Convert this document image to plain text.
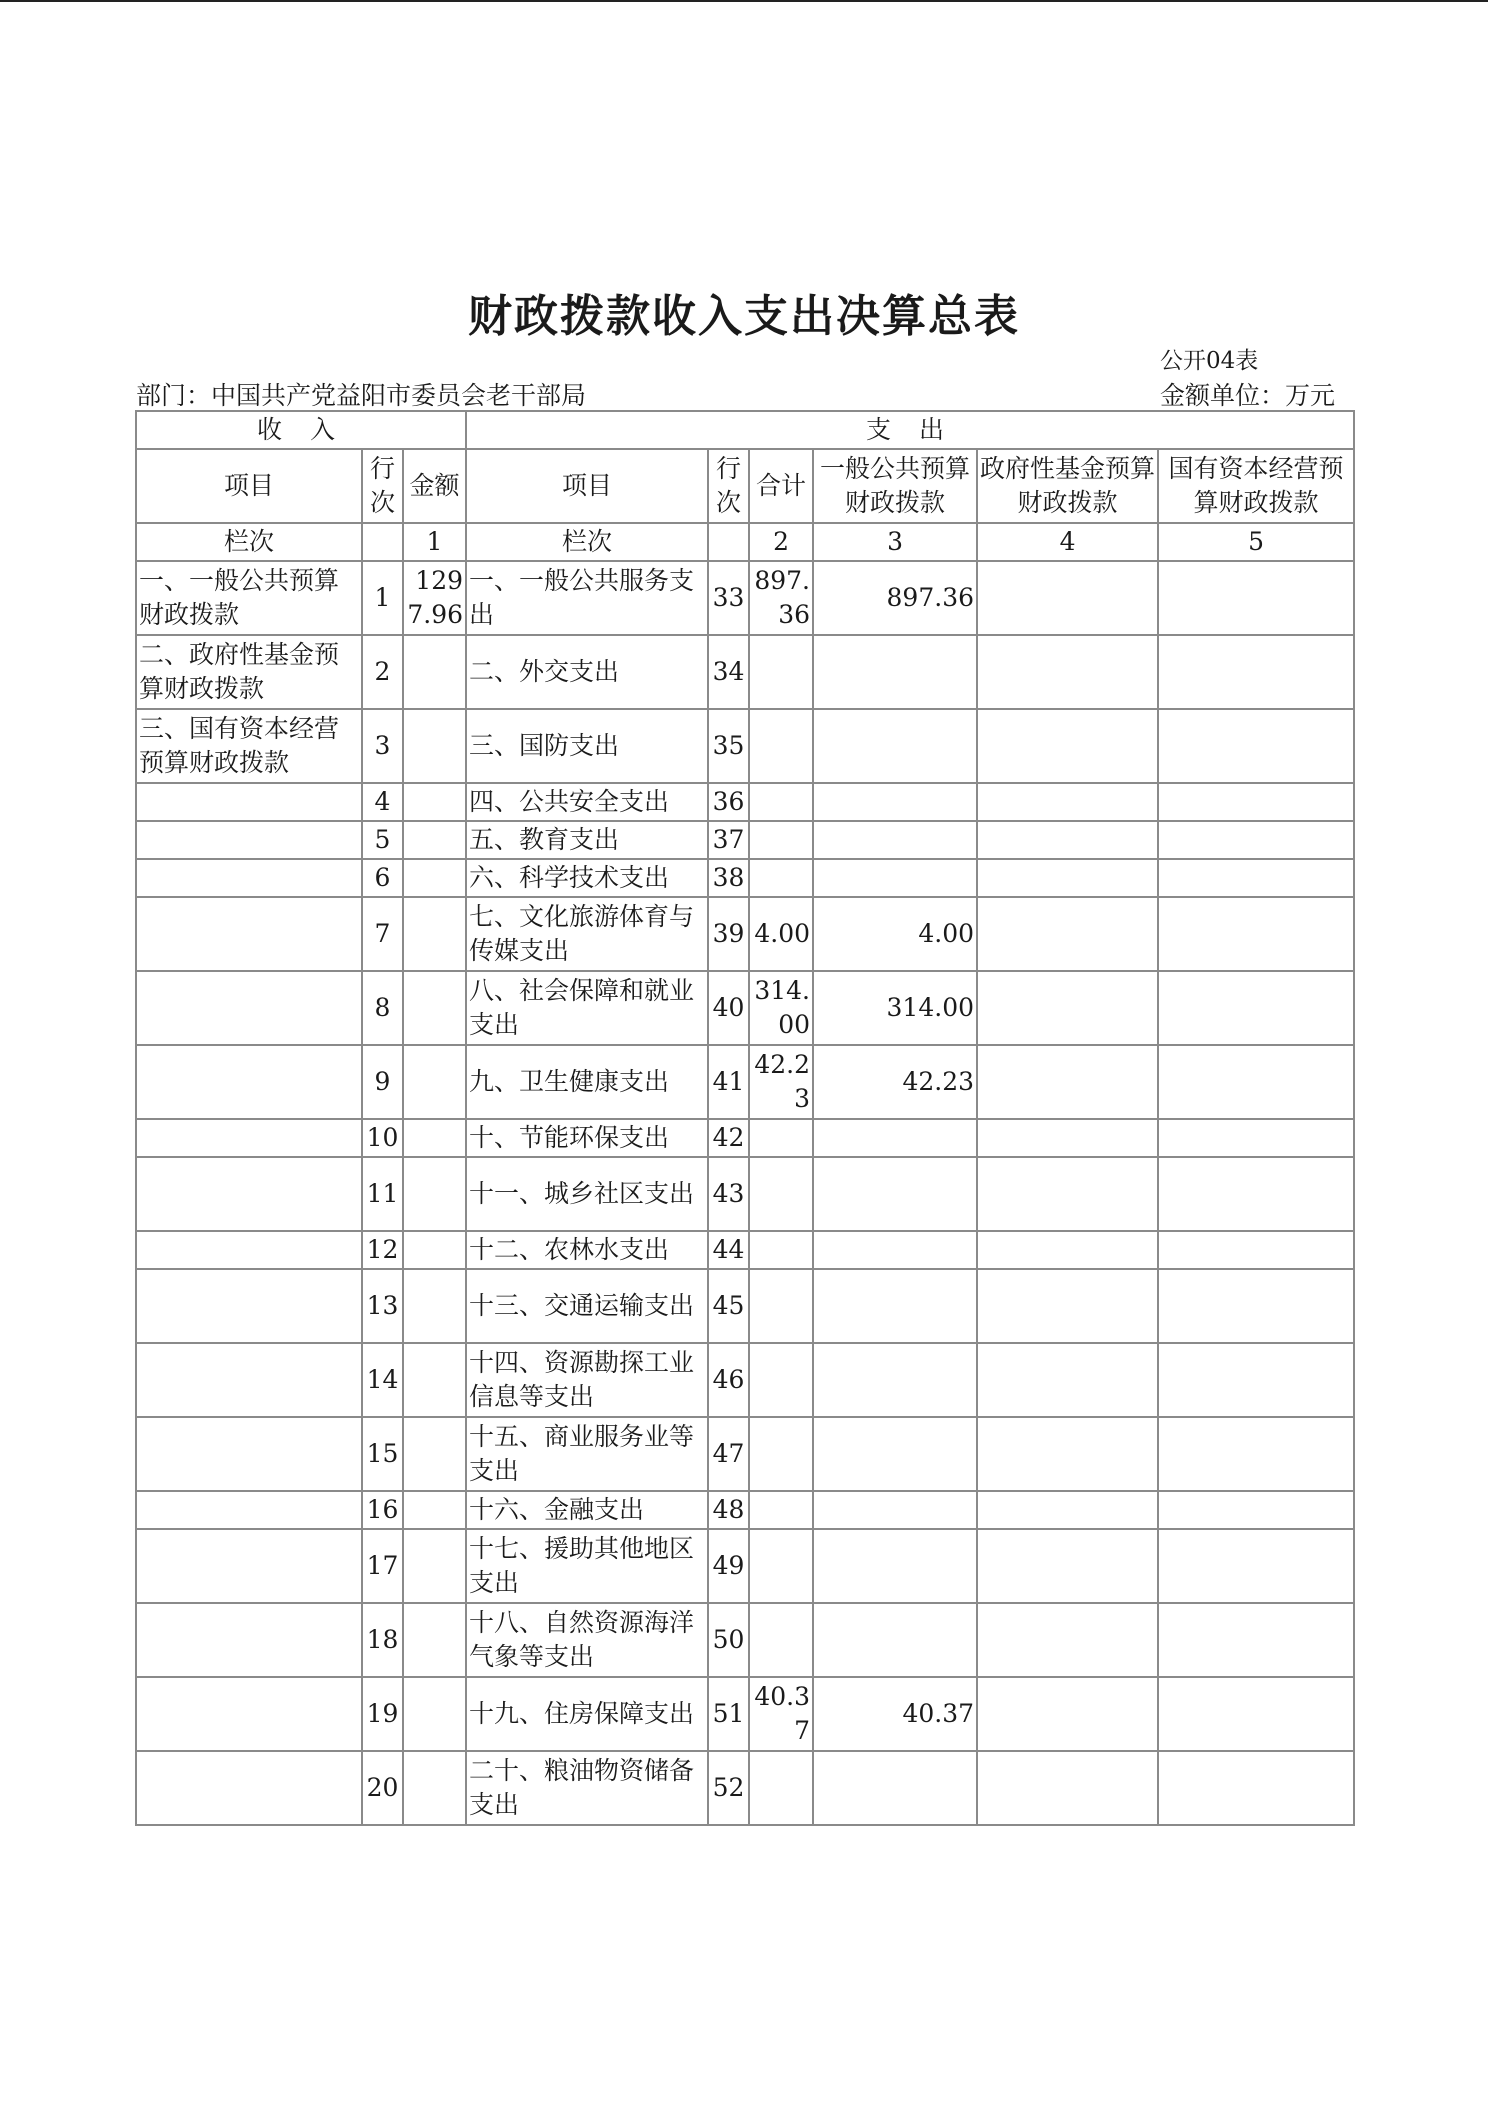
财政拨款收入支出决算总表
公开04表
部门：中国共产党益阳市委员会老干部局	金额单位：万元
收 入			支 出					
项目	行次	金额	项目	行次	合计	一般公共预算财政拨款	政府性基金预算财政拨款	国有资本经营预算财政拨款
栏次		1	栏次		2	3	4	5
一、一般公共预算财政拨款	1	1297.96	一、一般公共服务支出	33	897.36	897.36		
二、政府性基金预算财政拨款	2		二、外交支出	34				
三、国有资本经营预算财政拨款	3		三、国防支出	35				
	4		四、公共安全支出	36				
	5		五、教育支出	37				
	6		六、科学技术支出	38				
	7		七、文化旅游体育与传媒支出	39	4.00	4.00		
	8		八、社会保障和就业支出	40	314.00	314.00		
	9		九、卫生健康支出	41	42.23	42.23		
	10		十、节能环保支出	42				
	11		十一、城乡社区支出	43				
	12		十二、农林水支出	44				
	13		十三、交通运输支出	45				
	14		十四、资源勘探工业信息等支出	46				
	15		十五、商业服务业等支出	47				
	16		十六、金融支出	48				
	17		十七、援助其他地区支出	49				
	18		十八、自然资源海洋气象等支出	50				
	19		十九、住房保障支出	51	40.37	40.37		
	20		二十、粮油物资储备支出	52				
